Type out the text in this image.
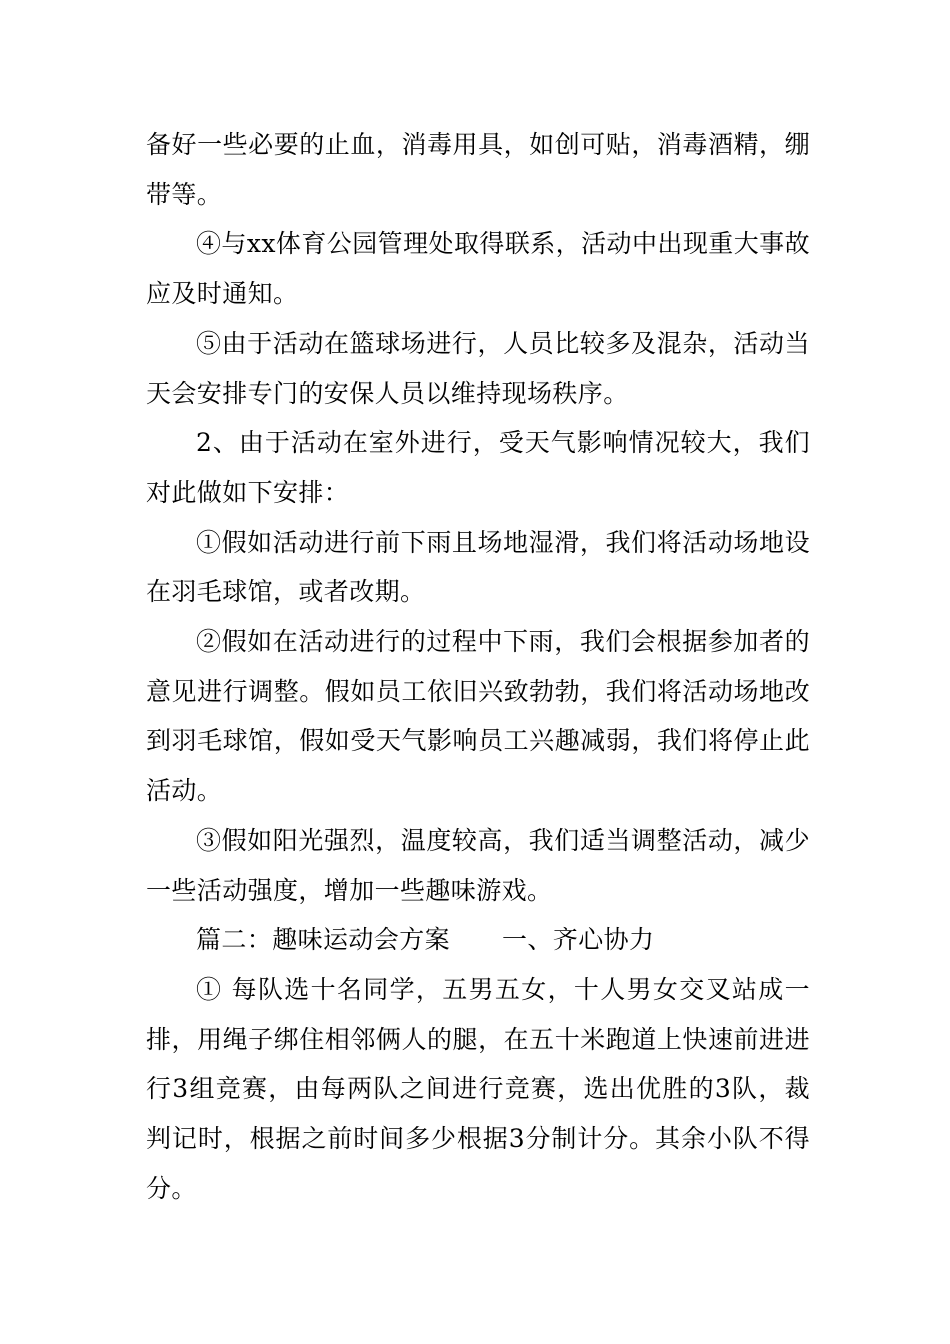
备好一些必要的止血，消毒用具，如创可贴，消毒酒精，绷带等。

④与xx体育公园管理处取得联系，活动中出现重大事故应及时通知。

⑤由于活动在篮球场进行，人员比较多及混杂，活动当天会安排专门的安保人员以维持现场秩序。

2、由于活动在室外进行，受天气影响情况较大，我们对此做如下安排：

①假如活动进行前下雨且场地湿滑，我们将活动场地设在羽毛球馆，或者改期。

②假如在活动进行的过程中下雨，我们会根据参加者的意见进行调整。假如员工依旧兴致勃勃，我们将活动场地改到羽毛球馆，假如受天气影响员工兴趣减弱，我们将停止此活动。

③假如阳光强烈，温度较高，我们适当调整活动，减少一些活动强度，增加一些趣味游戏。

篇二：趣味运动会方案 一、齐心协力

① 每队选十名同学，五男五女，十人男女交叉站成一排，用绳子绑住相邻俩人的腿，在五十米跑道上快速前进进行3组竞赛，由每两队之间进行竞赛，选出优胜的3队，裁判记时，根据之前时间多少根据3分制计分。其余小队不得分。
